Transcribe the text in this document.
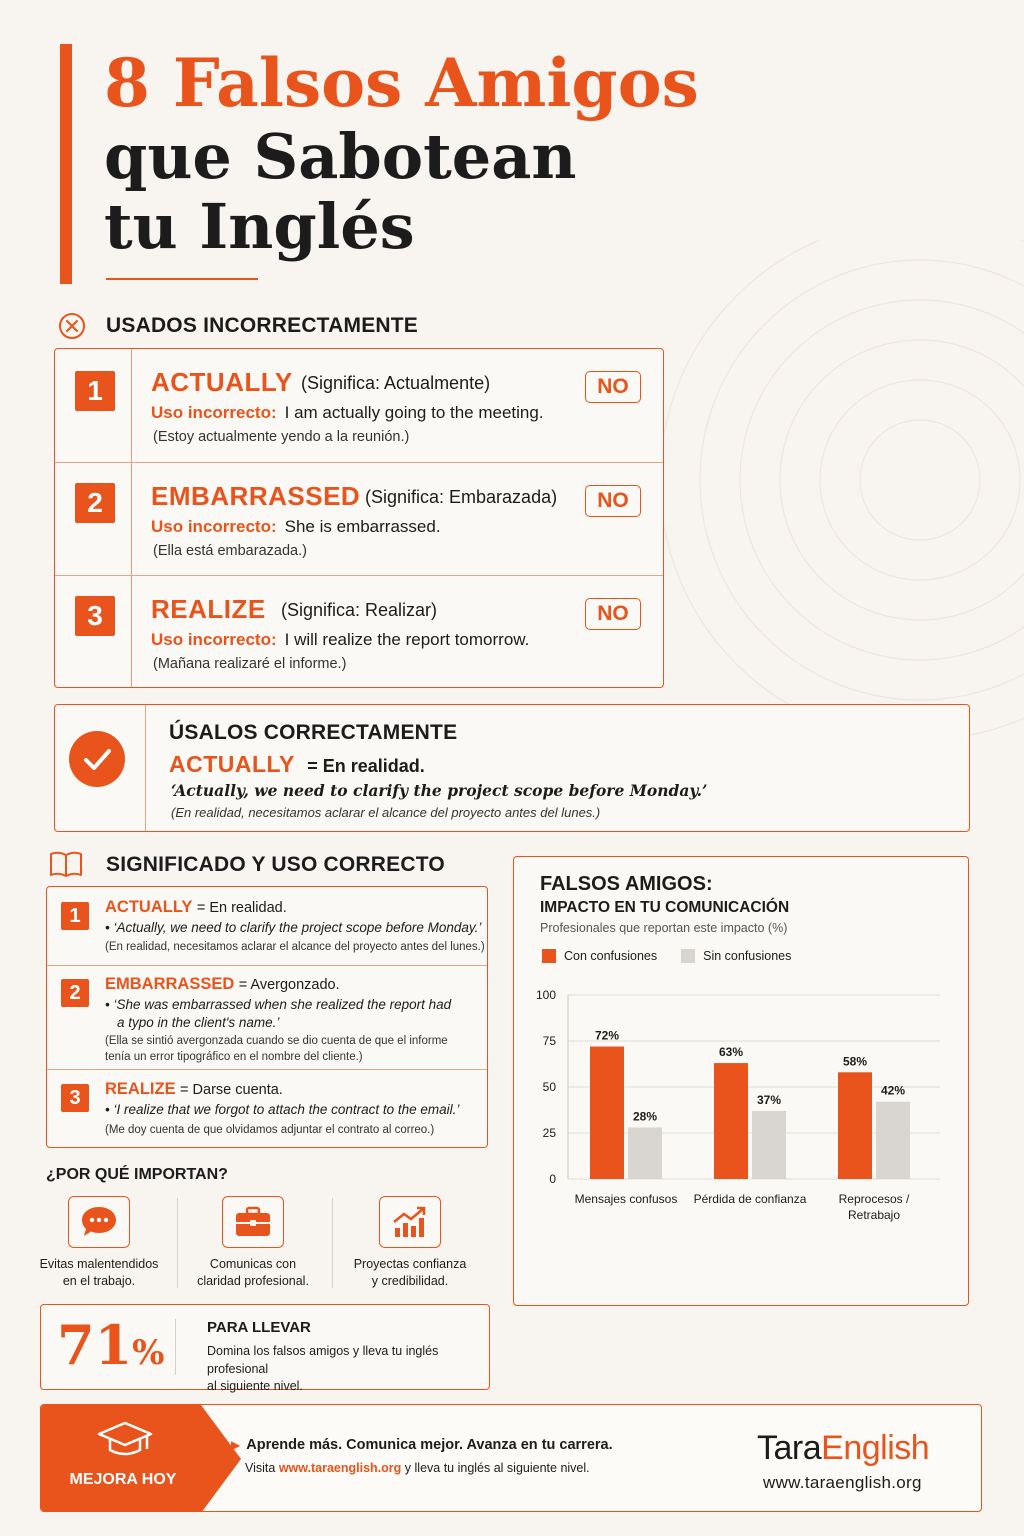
8 Falsos Amigos
que Sabotean
tu Inglés
USADOS INCORRECTAMENTE
1	ACTUALLY (Significa: Actualmente)
Uso incorrecto: I am actually going to the meeting.
(Estoy actualmente yendo a la reunión.)
NO
2	EMBARRASSED (Significa: Embarazada)
Uso incorrecto: She is embarrassed.
(Ella está embarazada.)
NO
3	REALIZE (Significa: Realizar)
Uso incorrecto: I will realize the report tomorrow.
(Mañana realizaré el informe.)
NO
ÚSALOS CORRECTAMENTE
ACTUALLY = En realidad.
‘Actually, we need to clarify the project scope before Monday.’
(En realidad, necesitamos aclarar el alcance del proyecto antes del lunes.)
SIGNIFICADO Y USO CORRECTO
1	ACTUALLY = En realidad.
• ‘Actually, we need to clarify the project scope before Monday.’
(En realidad, necesitamos aclarar el alcance del proyecto antes del lunes.)
2	EMBARRASSED = Avergonzado.
• ‘She was embarrassed when she realized the report had
a typo in the client's name.’
(Ella se sintió avergonzada cuando se dio cuenta de que el informe
tenía un error tipográfico en el nombre del cliente.)
3	REALIZE = Darse cuenta.
• ‘I realize that we forgot to attach the contract to the email.’
(Me doy cuenta de que olvidamos adjuntar el contrato al correo.)
¿POR QUÉ IMPORTAN?
Evitas malentendidos
en el trabajo.
Comunicas con
claridad profesional.
Proyectas confianza
y credibilidad.
71%
PARA LLEVAR
Domina los falsos amigos y lleva tu inglés profesional
al siguiente nivel.
FALSOS AMIGOS:
IMPACTO EN TU COMUNICACIÓN
Profesionales que reportan este impacto (%)
Con confusiones	Sin confusiones
0
25
50
75
100
72%
28%
Mensajes confusos
63%
37%
Pérdida de confianza
58%
42%
Reprocesos /
Retrabajo
MEJORA HOY
▶ Aprende más. Comunica mejor. Avanza en tu carrera.
Visita www.taraenglish.org y lleva tu inglés al siguiente nivel.
TaraEnglish
www.taraenglish.org
